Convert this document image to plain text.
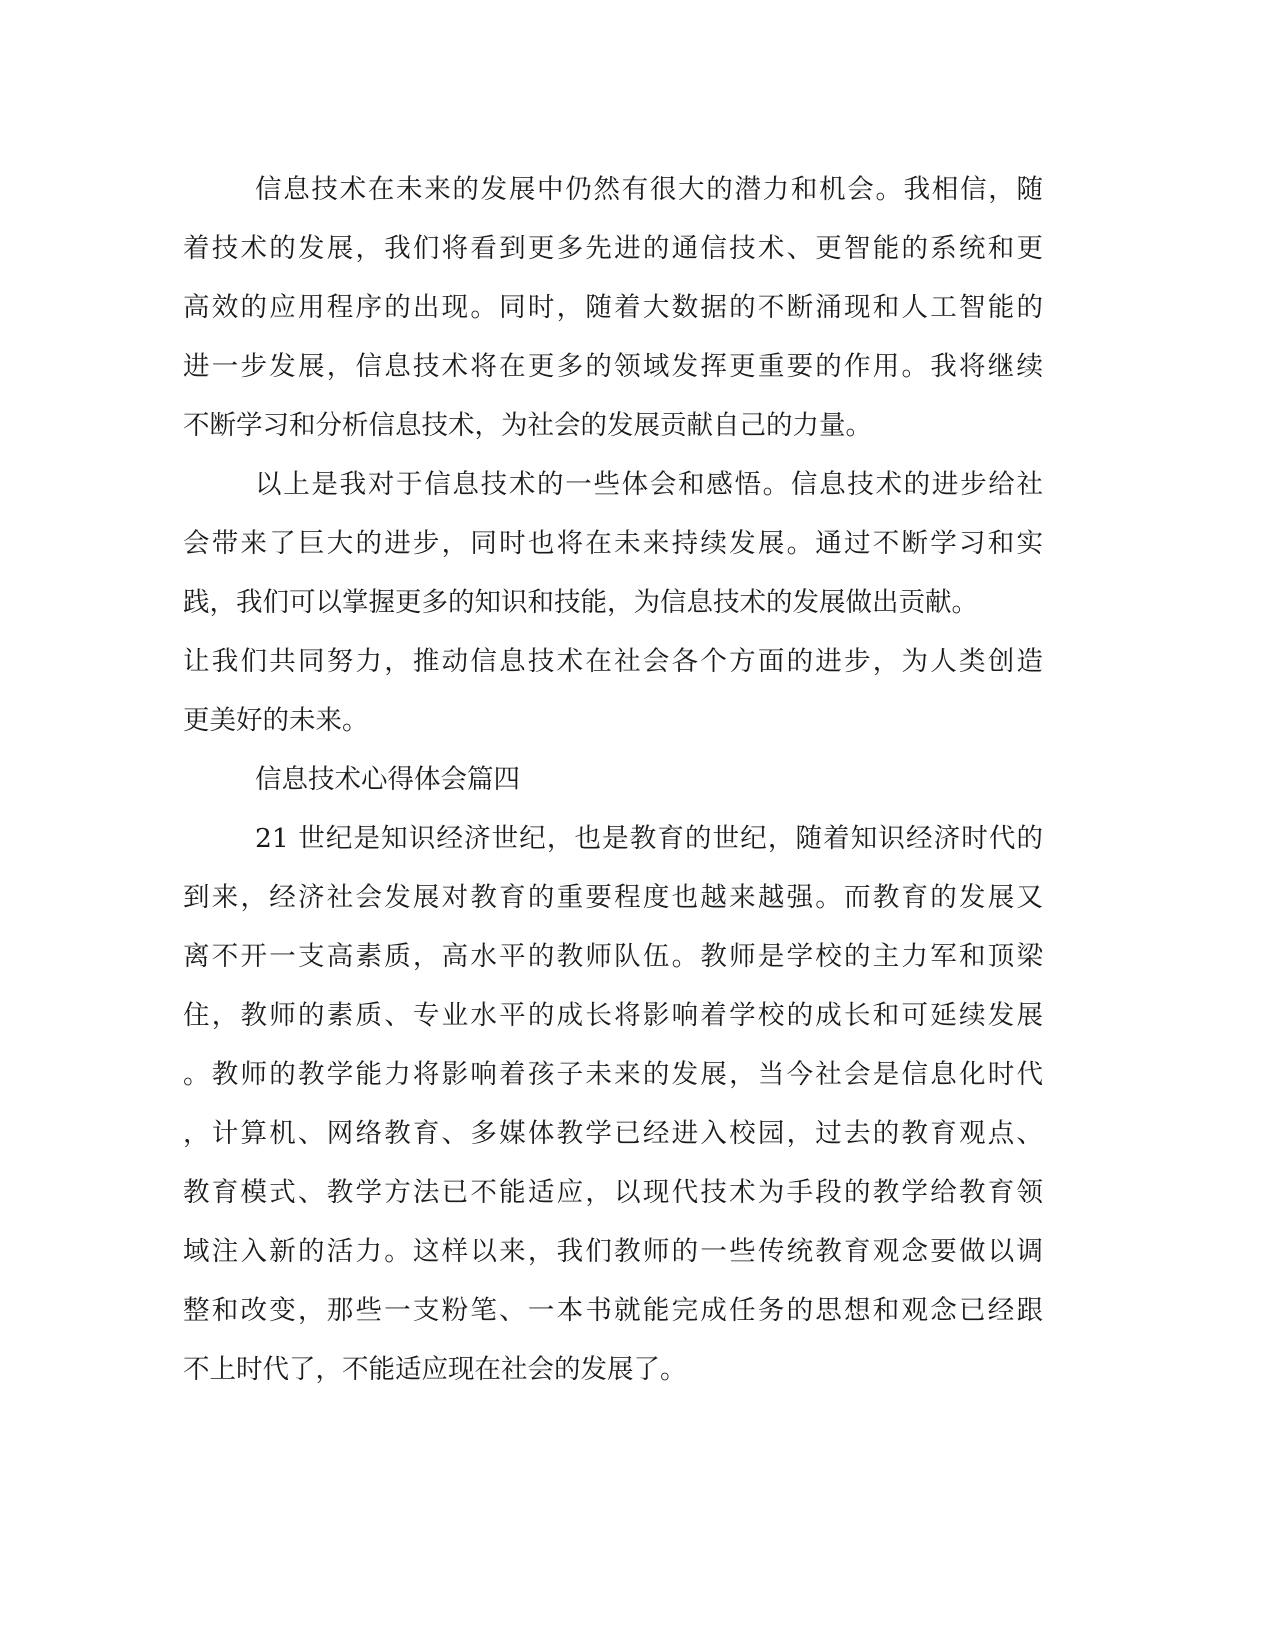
信息技术在未来的发展中仍然有很大的潜力和机会。我相信，随
着技术的发展，我们将看到更多先进的通信技术、更智能的系统和更
高效的应用程序的出现。同时，随着大数据的不断涌现和人工智能的
进一步发展，信息技术将在更多的领域发挥更重要的作用。我将继续
不断学习和分析信息技术，为社会的发展贡献自己的力量。
以上是我对于信息技术的一些体会和感悟。信息技术的进步给社
会带来了巨大的进步，同时也将在未来持续发展。通过不断学习和实
践，我们可以掌握更多的知识和技能，为信息技术的发展做出贡献。
让我们共同努力，推动信息技术在社会各个方面的进步，为人类创造
更美好的未来。
信息技术心得体会篇四
21 世纪是知识经济世纪，也是教育的世纪，随着知识经济时代的
到来，经济社会发展对教育的重要程度也越来越强。而教育的发展又
离不开一支高素质，高水平的教师队伍。教师是学校的主力军和顶梁
住，教师的素质、专业水平的成长将影响着学校的成长和可延续发展
。教师的教学能力将影响着孩子未来的发展，当今社会是信息化时代
，计算机、网络教育、多媒体教学已经进入校园，过去的教育观点、
教育模式、教学方法已不能适应，以现代技术为手段的教学给教育领
域注入新的活力。这样以来，我们教师的一些传统教育观念要做以调
整和改变，那些一支粉笔、一本书就能完成任务的思想和观念已经跟
不上时代了，不能适应现在社会的发展了。
